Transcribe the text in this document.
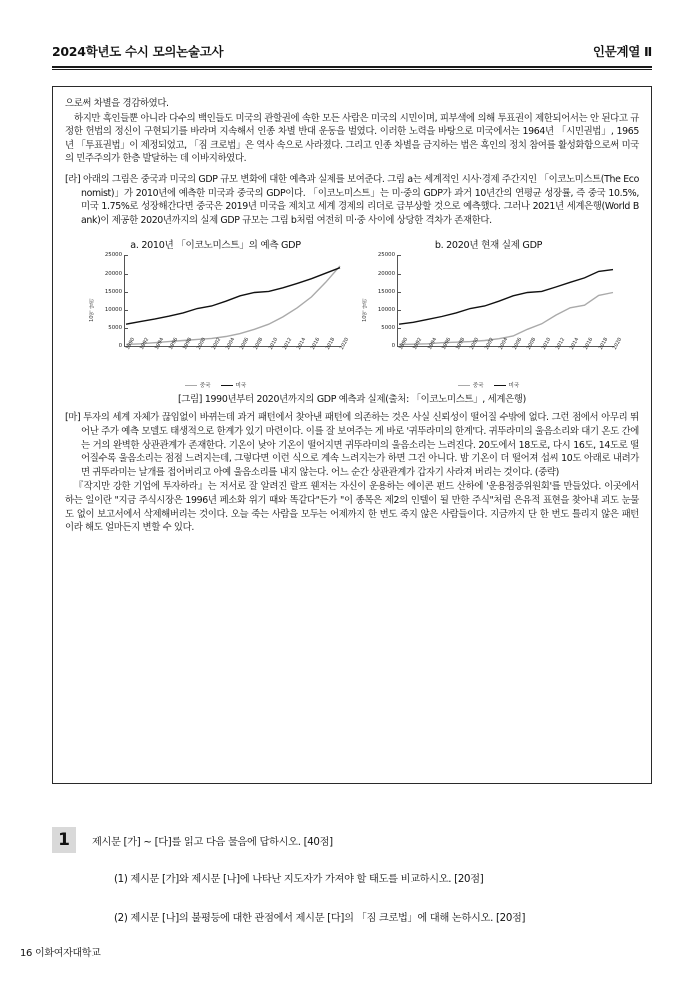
2024학년도 수시 모의논술고사	인문계열 Ⅱ

으로써 차별을 경감하였다.

하지만 흑인들뿐 아니라 다수의 백인들도 미국의 관할권에 속한 모든 사람은 미국의 시민이며, 피부색에 의해 투표권이 제한되어서는 안 된다고 규정한 헌법의 정신이 구현되기를 바라며 지속해서 인종 차별 반대 운동을 벌였다. 이러한 노력을 바탕으로 미국에서는 1964년 「시민권법」, 1965년 「투표권법」이 제정되었고, 「짐 크로법」은 역사 속으로 사라졌다. 그리고 인종 차별을 금지하는 법은 흑인의 정치 참여를 활성화함으로써 미국의 민주주의가 한층 발달하는 데 이바지하였다.

[라] 아래의 그림은 중국과 미국의 GDP 규모 변화에 대한 예측과 실제를 보여준다. 그림 a는 세계적인 시사·경제 주간지인 「이코노미스트(The Economist)」가 2010년에 예측한 미국과 중국의 GDP이다. 「이코노미스트」는 미·중의 GDP가 과거 10년간의 연평균 성장률, 즉 중국 10.5%, 미국 1.75%로 성장해간다면 중국은 2019년 미국을 제치고 세계 경제의 리더로 급부상할 것으로 예측했다. 그러나 2021년 세계은행(World Bank)이 제공한 2020년까지의 실제 GDP 규모는 그림 b처럼 여전히 미·중 사이에 상당한 격차가 존재한다.

a. 2010년 「이코노미스트」의 예측 GDP
10억 달러
0
5000
10000
15000
20000
25000
1990 1992 1994 1996 1998 2000 2002 2004 2006 2008 2010 2012 2014 2016 2018 2020
중국	미국
b. 2020년 현재 실제 GDP
10억 달러
0
5000
10000
15000
20000
25000
1990 1992 1994 1996 1998 2000 2002 2004 2006 2008 2010 2012 2014 2016 2018 2020
중국	미국
[그림] 1990년부터 2020년까지의 GDP 예측과 실제(출처: 「이코노미스트」, 세계은행)

[마] 투자의 세계 자체가 끊임없이 바뀌는데 과거 패턴에서 찾아낸 패턴에 의존하는 것은 사실 신뢰성이 떨어질 수밖에 없다. 그런 점에서 아무리 뛰어난 주가 예측 모델도 태생적으로 한계가 있기 마련이다. 이를 잘 보여주는 게 바로 '귀뚜라미의 한계'다. 귀뚜라미의 울음소리와 대기 온도 간에는 거의 완벽한 상관관계가 존재한다. 기온이 낮아 기온이 떨어지면 귀뚜라미의 울음소리는 느려진다. 20도에서 18도로, 다시 16도, 14도로 떨어질수록 울음소리는 점점 느려지는데, 그렇다면 이런 식으로 계속 느려지는가 하면 그건 아니다. 밤 기온이 더 떨어져 섭씨 10도 아래로 내려가면 귀뚜라미는 날개를 접어버리고 아예 울음소리를 내지 않는다. 어느 순간 상관관계가 갑자기 사라져 버리는 것이다. (중략)

『작지만 강한 기업에 투자하라』는 저서로 잘 알려진 랄프 웬저는 자신이 운용하는 에이콘 펀드 산하에 '운용점증위원회'를 만들었다. 이곳에서 하는 일이란 "지금 주식시장은 1996년 페소화 위기 때와 똑같다"든가 "이 종목은 제2의 인텔이 될 만한 주식"처럼 은유적 표현을 찾아내 괴도 눈물도 없이 보고서에서 삭제해버리는 것이다. 오늘 죽는 사람을 모두는 어제까지 한 번도 죽지 않은 사람들이다. 지금까지 단 한 번도 틀리지 않은 패턴이라 해도 얼마든지 변할 수 있다.

1	제시문 [가] ~ [다]를 읽고 다음 물음에 답하시오. [40점]
(1) 제시문 [가]와 제시문 [나]에 나타난 지도자가 가져야 할 태도를 비교하시오. [20점]
(2) 제시문 [나]의 불평등에 대한 관점에서 제시문 [다]의 「짐 크로법」에 대해 논하시오. [20점]
16 이화여자대학교
